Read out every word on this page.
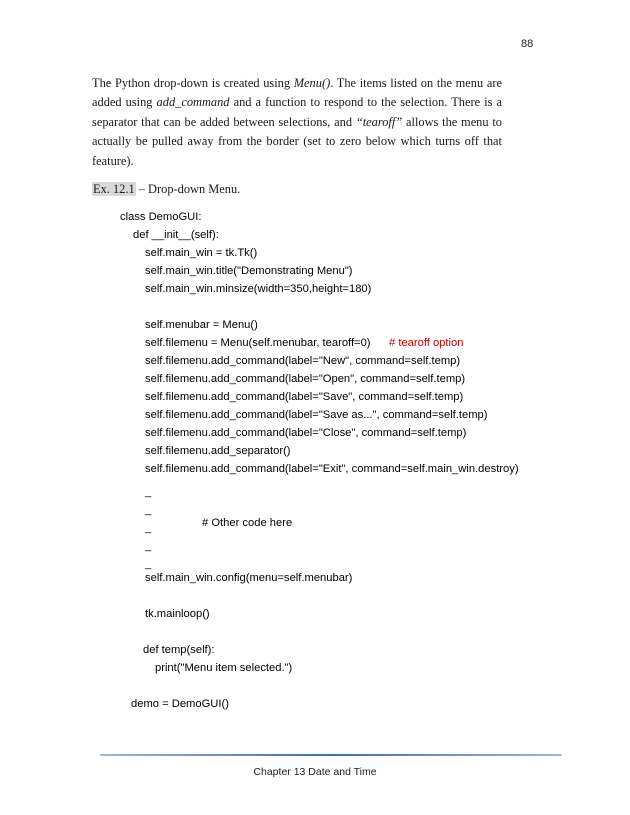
88

The Python drop-down is created using Menu(). The items listed on the menu are added using add_command and a function to respond to the selection. There is a separator that can be added between selections, and “tearoff” allows the menu to actually be pulled away from the border (set to zero below which turns off that feature).

Ex. 12.1 – Drop-down Menu.

class DemoGUI:

def __init__(self):

self.main_win = tk.Tk()

self.main_win.title("Demonstrating Menu")

self.main_win.minsize(width=350,height=180)

self.menubar = Menu()

self.filemenu = Menu(self.menubar, tearoff=0)

# tearoff option

self.filemenu.add_command(label="New", command=self.temp)

self.filemenu.add_command(label="Open", command=self.temp)

self.filemenu.add_command(label="Save", command=self.temp)

self.filemenu.add_command(label="Save as...", command=self.temp)

self.filemenu.add_command(label="Close", command=self.temp)

self.filemenu.add_separator()

self.filemenu.add_command(label="Exit", command=self.main_win.destroy)

_

_

_

	# Other code here

_

_

self.main_win.config(menu=self.menubar)

tk.mainloop()

def temp(self):

print("Menu item selected.")

demo = DemoGUI()

Chapter 13 Date and Time
